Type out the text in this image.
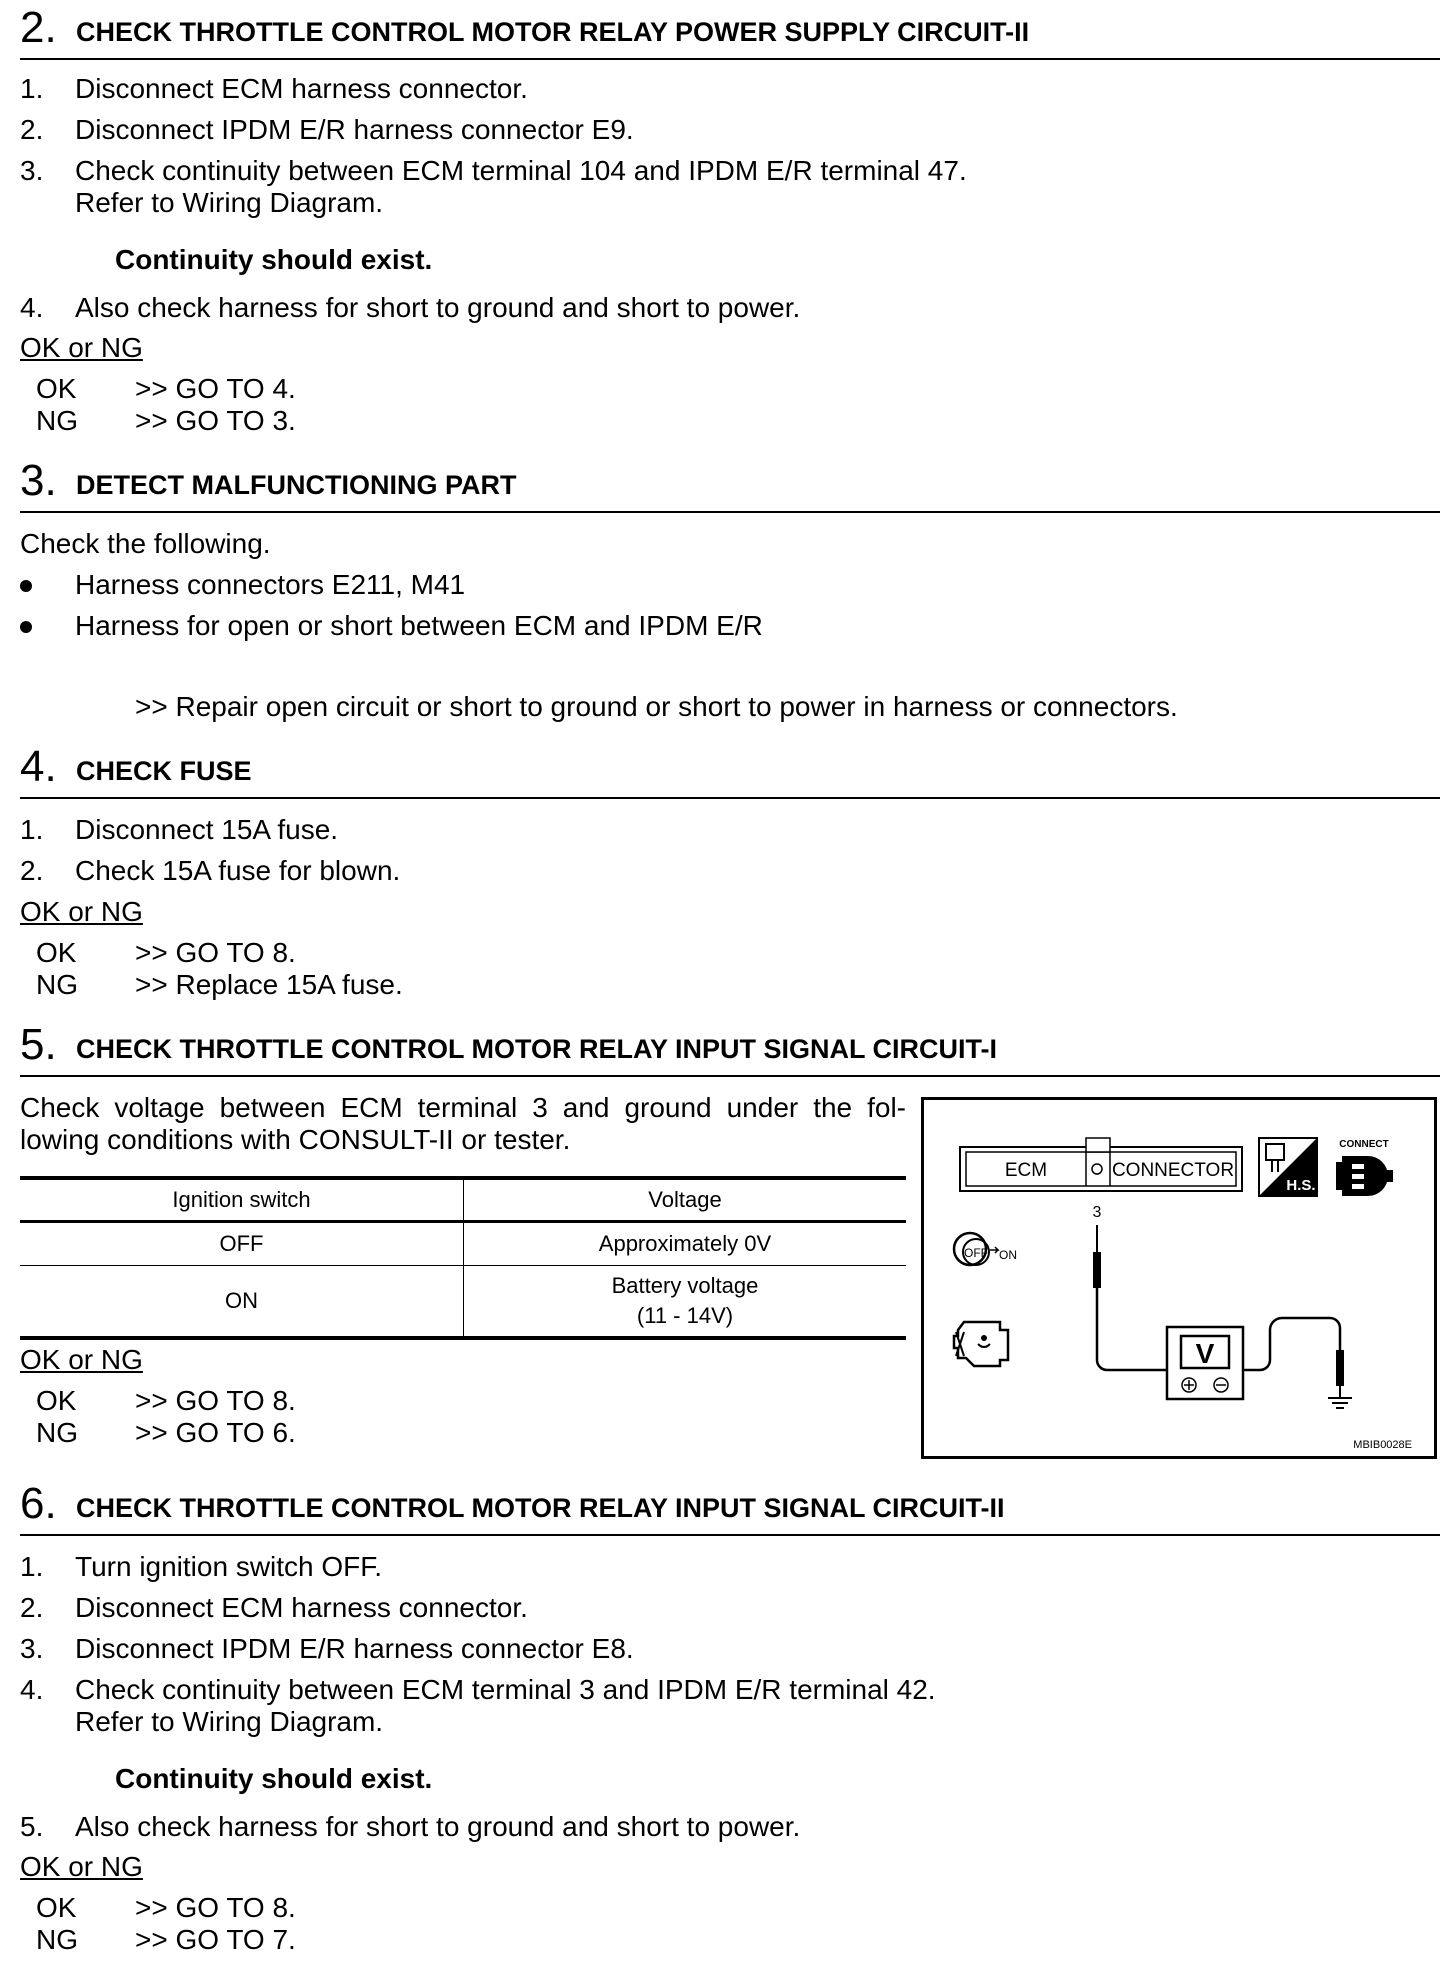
2. CHECK THROTTLE CONTROL MOTOR RELAY POWER SUPPLY CIRCUIT-II
1. Disconnect ECM harness connector.
2. Disconnect IPDM E/R harness connector E9.
3. Check continuity between ECM terminal 104 and IPDM E/R terminal 47.
Refer to Wiring Diagram.
Continuity should exist.
4. Also check harness for short to ground and short to power.
OK or NG
OK >> GO TO 4.
NG >> GO TO 3.
3. DETECT MALFUNCTIONING PART
Check the following.
Harness connectors E211, M41
Harness for open or short between ECM and IPDM E/R
>> Repair open circuit or short to ground or short to power in harness or connectors.
4. CHECK FUSE
1. Disconnect 15A fuse.
2. Check 15A fuse for blown.
OK or NG
OK >> GO TO 8.
NG >> Replace 15A fuse.
5. CHECK THROTTLE CONTROL MOTOR RELAY INPUT SIGNAL CIRCUIT-I
Check voltage between ECM terminal 3 and ground under the fol-
lowing conditions with CONSULT-II or tester.
Ignition switch	Voltage
OFF	Approximately 0V
ON	Battery voltage
(11 - 14V)
OK or NG
OK >> GO TO 8.
NG >> GO TO 6.
ECM	CONNECTOR
H.S.
CONNECT
3
V
OFF ON
MBIB0028E
6. CHECK THROTTLE CONTROL MOTOR RELAY INPUT SIGNAL CIRCUIT-II
1. Turn ignition switch OFF.
2. Disconnect ECM harness connector.
3. Disconnect IPDM E/R harness connector E8.
4. Check continuity between ECM terminal 3 and IPDM E/R terminal 42.
Refer to Wiring Diagram.
Continuity should exist.
5. Also check harness for short to ground and short to power.
OK or NG
OK >> GO TO 8.
NG >> GO TO 7.
